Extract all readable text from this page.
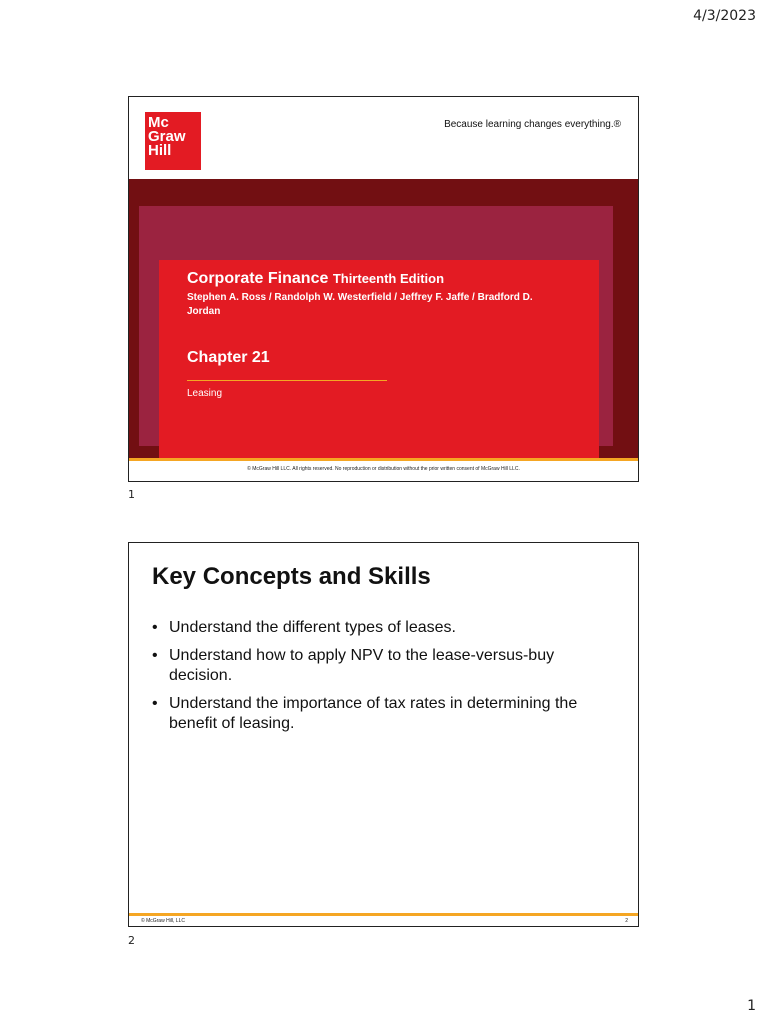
4/3/2023
Mc
Graw
Hill
Because learning changes everything.®
Corporate Finance Thirteenth Edition
Stephen A. Ross / Randolph W. Westerfield / Jeffrey F. Jaffe / Bradford D. Jordan
Chapter 21
Leasing
© McGraw Hill LLC. All rights reserved. No reproduction or distribution without the prior written consent of McGraw Hill LLC.
1
Key Concepts and Skills
• Understand the different types of leases.
• Understand how to apply NPV to the lease-versus-buy decision.
• Understand the importance of tax rates in determining the benefit of leasing.
© McGraw Hill, LLC	2
2
1
